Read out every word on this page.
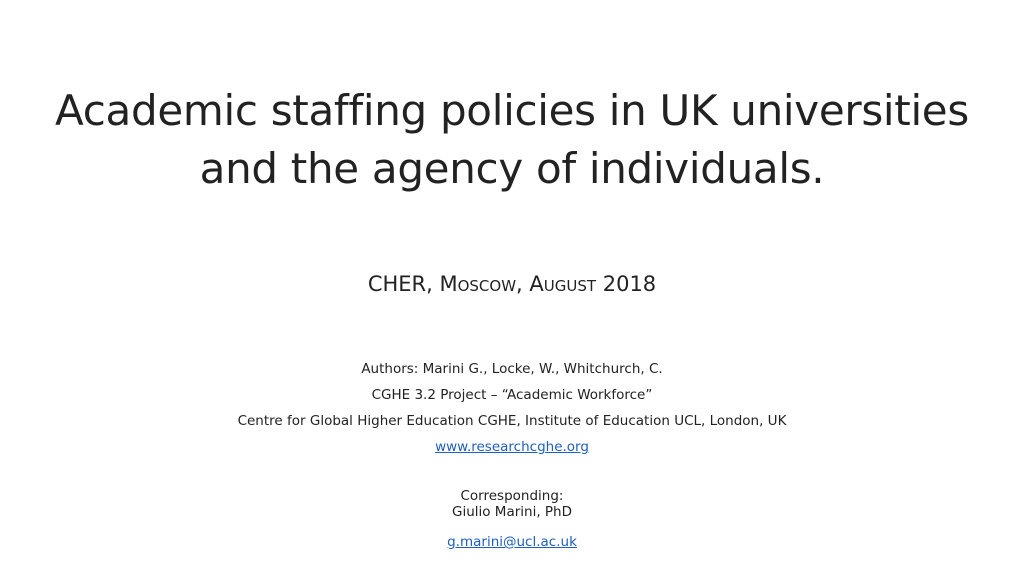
Academic staffing policies in UK universities
and the agency of individuals.
CHER, Moscow, August 2018
Authors: Marini G., Locke, W., Whitchurch, C.
CGHE 3.2 Project – “Academic Workforce”
Centre for Global Higher Education CGHE, Institute of Education UCL, London, UK
www.researchcghe.org
Corresponding:
Giulio Marini, PhD
g.marini@ucl.ac.uk
